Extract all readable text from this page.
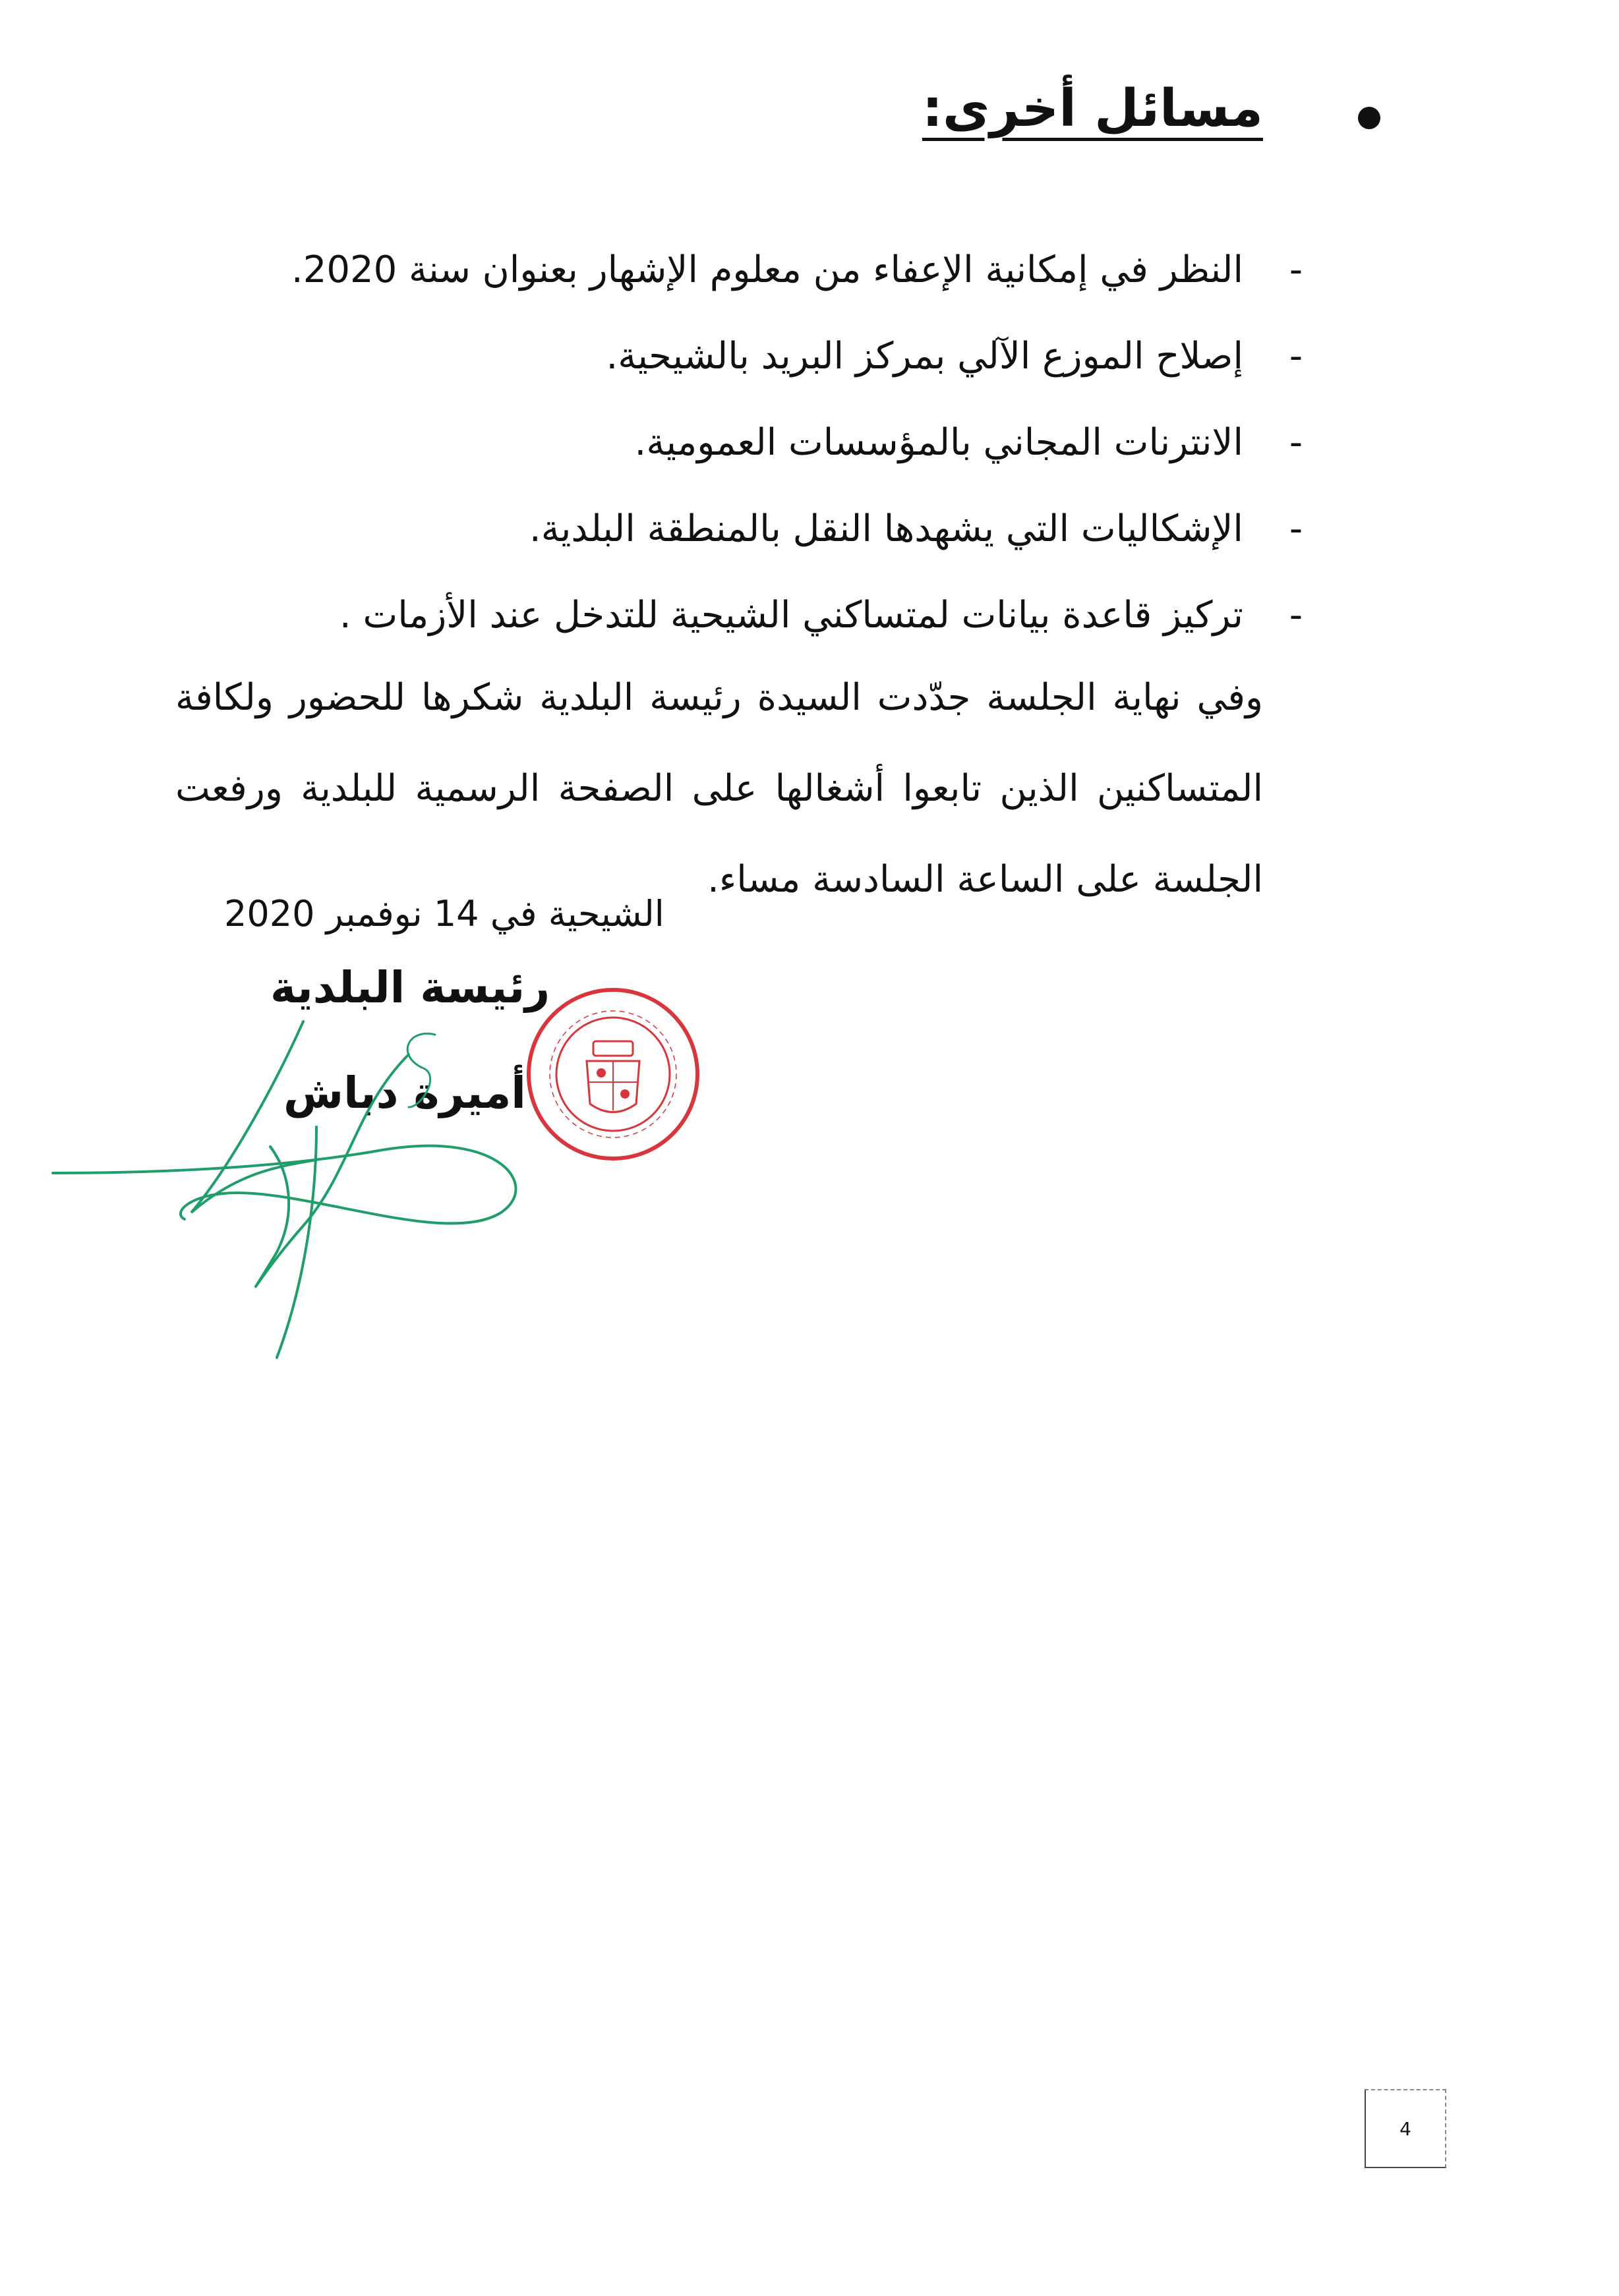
مسائل أخرى:
-
النظر في إمكانية الإعفاء من معلوم الإشهار بعنوان سنة 2020.
-
إصلاح الموزع الآلي بمركز البريد بالشيحية.
-
الانترنات المجاني بالمؤسسات العمومية.
-
الإشكاليات التي يشهدها النقل بالمنطقة البلدية.
-
تركيز قاعدة بيانات لمتساكني الشيحية للتدخل عند الأزمات .

وفي نهاية الجلسة جدّدت السيدة رئيسة البلدية شكرها للحضور ولكافة المتساكنين الذين تابعوا أشغالها على الصفحة الرسمية للبلدية ورفعت الجلسة على الساعة السادسة مساء.

الشيحية في 14 نوفمبر 2020
رئيسة البلدية
أميرة دباش
4
